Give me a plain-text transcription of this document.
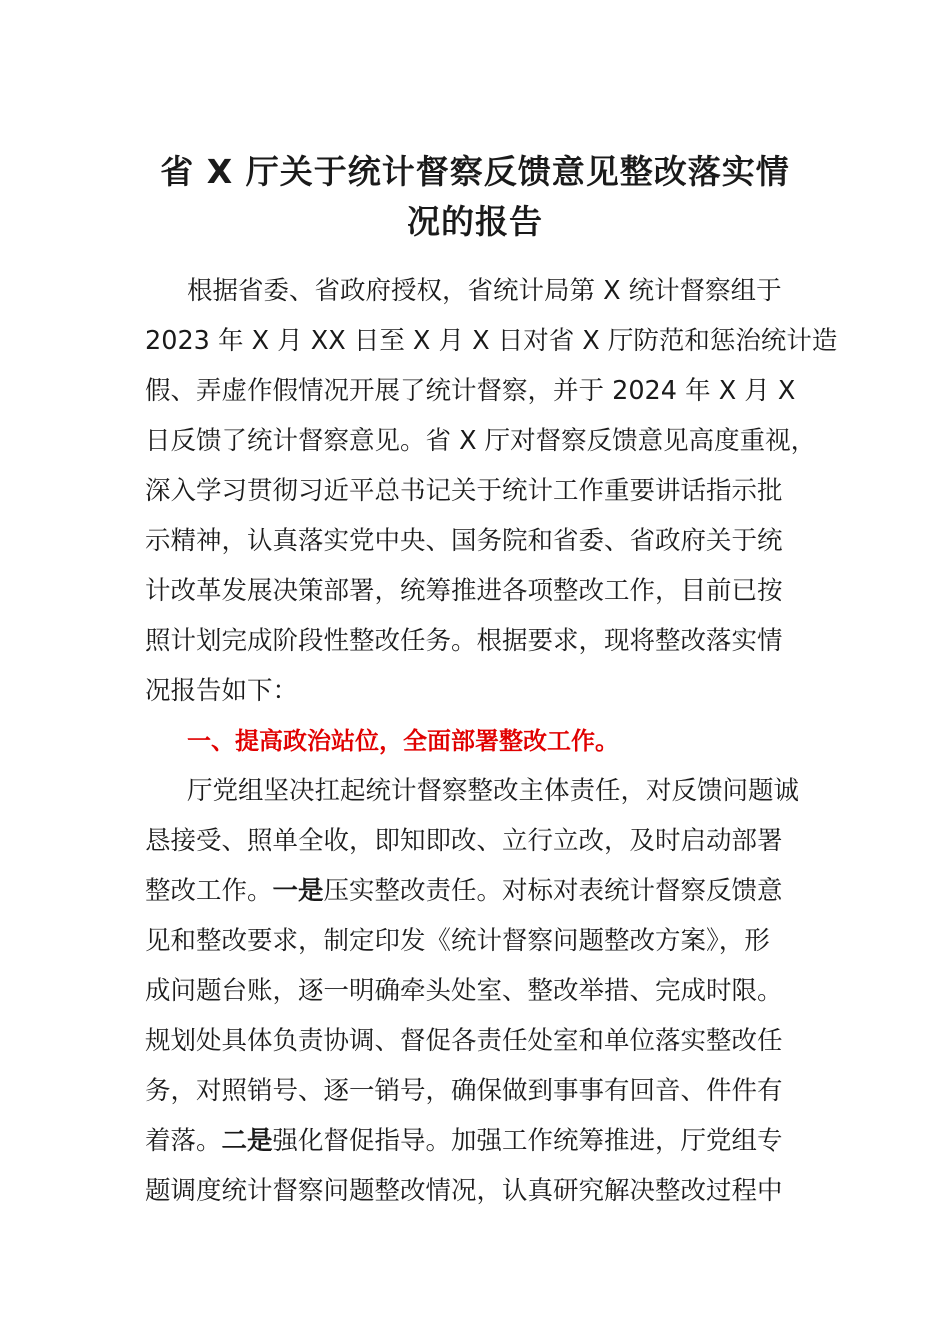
省 X 厅关于统计督察反馈意见整改落实情
况的报告
根据省委、省政府授权，省统计局第 X 统计督察组于
2023 年 X 月 XX 日至 X 月 X 日对省 X 厅防范和惩治统计造
假、弄虚作假情况开展了统计督察，并于 2024 年 X 月 X
日反馈了统计督察意见。省 X 厅对督察反馈意见高度重视，
深入学习贯彻习近平总书记关于统计工作重要讲话指示批
示精神，认真落实党中央、国务院和省委、省政府关于统
计改革发展决策部署，统筹推进各项整改工作，目前已按
照计划完成阶段性整改任务。根据要求，现将整改落实情
况报告如下：
一、提高政治站位，全面部署整改工作。
厅党组坚决扛起统计督察整改主体责任，对反馈问题诚
恳接受、照单全收，即知即改、立行立改，及时启动部署
整改工作。一是压实整改责任。对标对表统计督察反馈意
见和整改要求，制定印发《统计督察问题整改方案》，形
成问题台账，逐一明确牵头处室、整改举措、完成时限。
规划处具体负责协调、督促各责任处室和单位落实整改任
务，对照销号、逐一销号，确保做到事事有回音、件件有
着落。二是强化督促指导。加强工作统筹推进，厅党组专
题调度统计督察问题整改情况，认真研究解决整改过程中
